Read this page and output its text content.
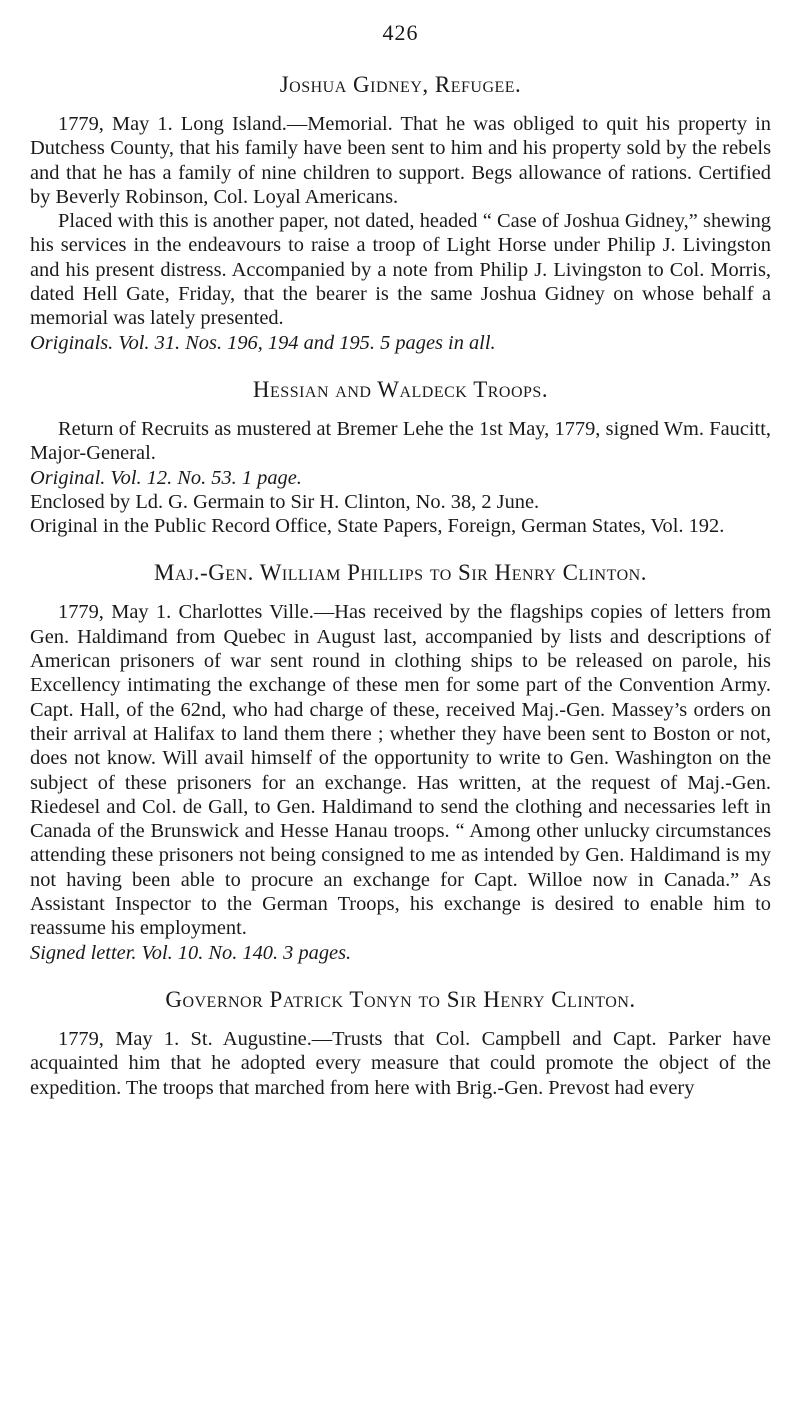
426
Joshua Gidney, Refugee.

1779, May 1. Long Island.—Memorial. That he was obliged to quit his property in Dutchess County, that his family have been sent to him and his property sold by the rebels and that he has a family of nine children to support. Begs allowance of rations. Certified by Beverly Robinson, Col. Loyal Americans.

Placed with this is another paper, not dated, headed “ Case of Joshua Gidney,” shewing his services in the endeavours to raise a troop of Light Horse under Philip J. Livingston and his present distress. Accompanied by a note from Philip J. Livingston to Col. Morris, dated Hell Gate, Friday, that the bearer is the same Joshua Gidney on whose behalf a memorial was lately presented.

Originals. Vol. 31. Nos. 196, 194 and 195. 5 pages in all.

Hessian and Waldeck Troops.

Return of Recruits as mustered at Bremer Lehe the 1st May, 1779, signed Wm. Faucitt, Major-General.

Original. Vol. 12. No. 53. 1 page.

Enclosed by Ld. G. Germain to Sir H. Clinton, No. 38, 2 June.

Original in the Public Record Office, State Papers, Foreign, German States, Vol. 192.

Maj.-Gen. William Phillips to Sir Henry Clinton.

1779, May 1. Charlottes Ville.—Has received by the flagships copies of letters from Gen. Haldimand from Quebec in August last, accompanied by lists and descriptions of American prisoners of war sent round in clothing ships to be released on parole, his Excellency intimating the exchange of these men for some part of the Convention Army. Capt. Hall, of the 62nd, who had charge of these, received Maj.-Gen. Massey’s orders on their arrival at Halifax to land them there ; whether they have been sent to Boston or not, does not know. Will avail himself of the opportunity to write to Gen. Washington on the subject of these prisoners for an exchange. Has written, at the request of Maj.-Gen. Riedesel and Col. de Gall, to Gen. Haldimand to send the clothing and necessaries left in Canada of the Brunswick and Hesse Hanau troops. “ Among other unlucky circumstances attending these prisoners not being consigned to me as intended by Gen. Haldimand is my not having been able to procure an exchange for Capt. Willoe now in Canada.” As Assistant Inspector to the German Troops, his exchange is desired to enable him to reassume his employment.

Signed letter. Vol. 10. No. 140. 3 pages.

Governor Patrick Tonyn to Sir Henry Clinton.

1779, May 1. St. Augustine.—Trusts that Col. Campbell and Capt. Parker have acquainted him that he adopted every measure that could promote the object of the expedition. The troops that marched from here with Brig.-Gen. Prevost had every
